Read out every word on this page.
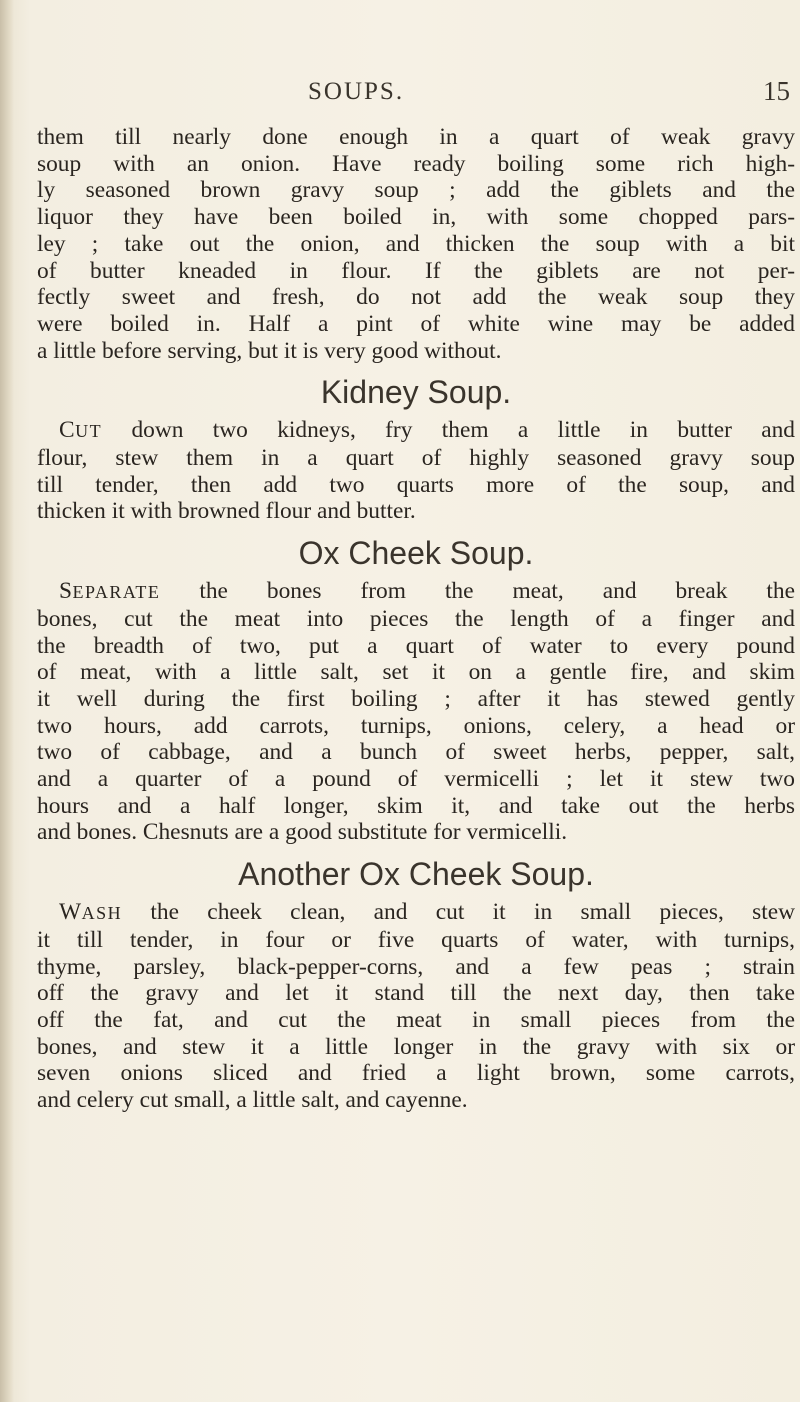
SOUPS.	15

them till nearly done enough in a quart of weak gravy
soup with an onion. Have ready boiling some rich high-
ly seasoned brown gravy soup ; add the giblets and the
liquor they have been boiled in, with some chopped pars-
ley ; take out the onion, and thicken the soup with a bit
of butter kneaded in flour. If the giblets are not per-
fectly sweet and fresh, do not add the weak soup they
were boiled in. Half a pint of white wine may be added
a little before serving, but it is very good without.

Kidney Soup.

CUT down two kidneys, fry them a little in butter and
flour, stew them in a quart of highly seasoned gravy soup
till tender, then add two quarts more of the soup, and
thicken it with browned flour and butter.

Ox Cheek Soup.

SEPARATE the bones from the meat, and break the
bones, cut the meat into pieces the length of a finger and
the breadth of two, put a quart of water to every pound
of meat, with a little salt, set it on a gentle fire, and skim
it well during the first boiling ; after it has stewed gently
two hours, add carrots, turnips, onions, celery, a head or
two of cabbage, and a bunch of sweet herbs, pepper, salt,
and a quarter of a pound of vermicelli ; let it stew two
hours and a half longer, skim it, and take out the herbs
and bones. Chesnuts are a good substitute for vermicelli.

Another Ox Cheek Soup.

WASH the cheek clean, and cut it in small pieces, stew
it till tender, in four or five quarts of water, with turnips,
thyme, parsley, black-pepper-corns, and a few peas ; strain
off the gravy and let it stand till the next day, then take
off the fat, and cut the meat in small pieces from the
bones, and stew it a little longer in the gravy with six or
seven onions sliced and fried a light brown, some carrots,
and celery cut small, a little salt, and cayenne.
